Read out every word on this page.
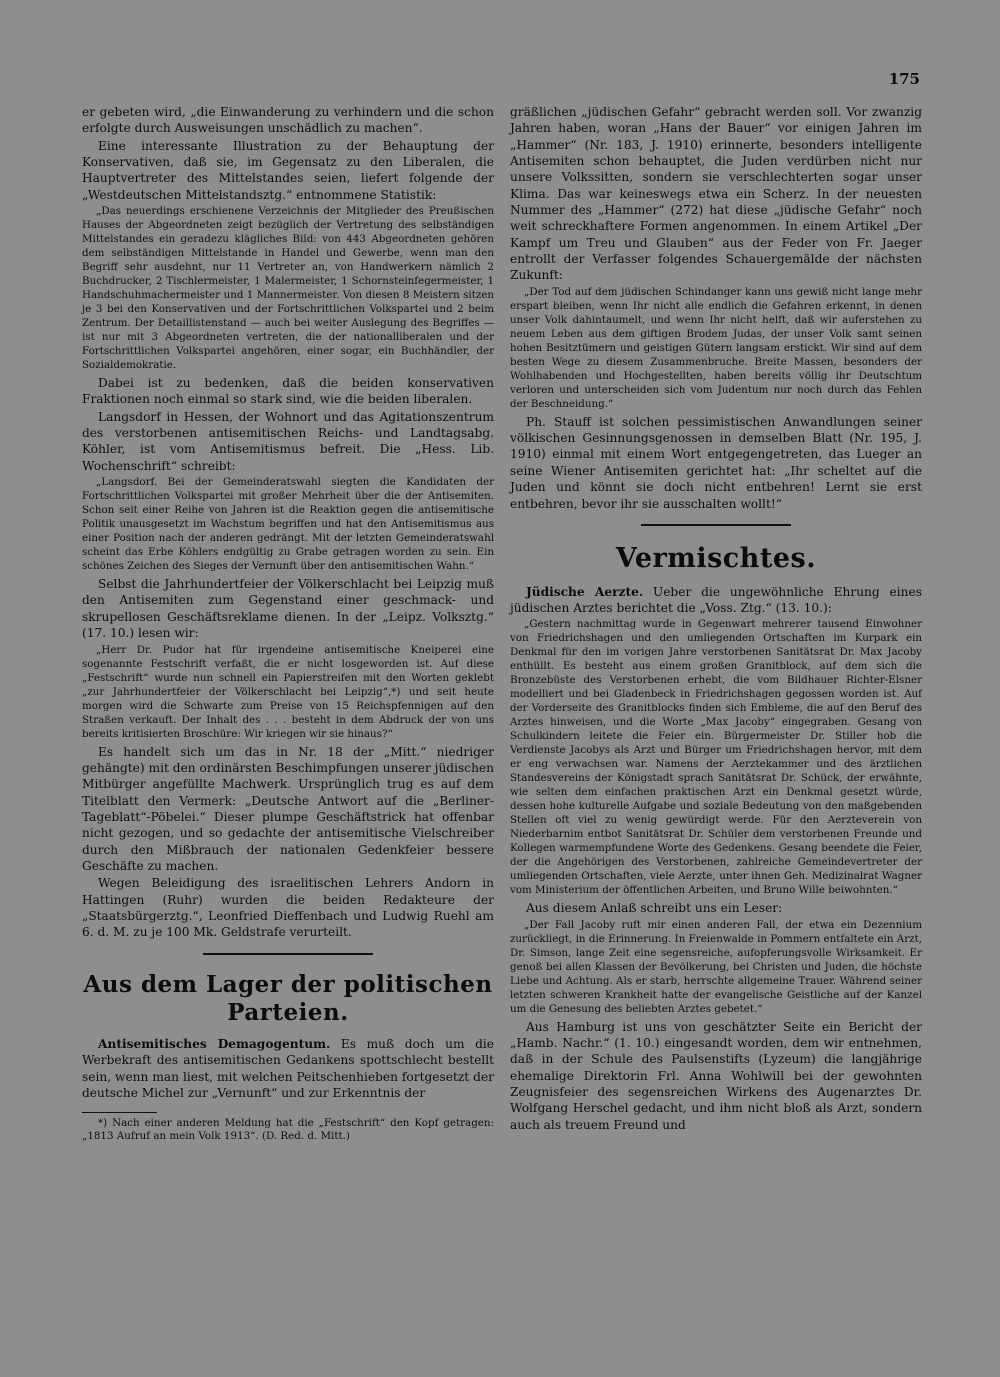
175

er gebeten wird, „die Einwanderung zu verhindern und die schon erfolgte durch Ausweisungen unschädlich zu machen“.

Eine interessante Illustration zu der Behauptung der Konservativen, daß sie, im Gegensatz zu den Liberalen, die Hauptvertreter des Mittelstandes seien, liefert folgende der „Westdeutschen Mittelstandsztg.“ entnommene Statistik:

„Das neuerdings erschienene Verzeichnis der Mitglieder des Preußischen Hauses der Abgeordneten zeigt bezüglich der Vertretung des selbständigen Mittelstandes ein geradezu klägliches Bild: von 443 Abgeordneten gehören dem selbständigen Mittelstande in Handel und Gewerbe, wenn man den Begriff sehr ausdehnt, nur 11 Vertreter an, von Handwerkern nämlich 2 Buchdrucker, 2 Tischlermeister, 1 Malermeister, 1 Schornsteinfegermeister, 1 Handschuhmachermeister und 1 Mannermeister. Von diesen 8 Meistern sitzen je 3 bei den Konservativen und der Fortschrittlichen Volkspartei und 2 beim Zentrum. Der Detaillistenstand — auch bei weiter Auslegung des Begriffes — ist nur mit 3 Abgeordneten vertreten, die der nationalliberalen und der Fortschrittlichen Volkspartei angehören, einer sogar, ein Buchhändler, der Sozialdemokratie.

Dabei ist zu bedenken, daß die beiden konservativen Fraktionen noch einmal so stark sind, wie die beiden liberalen.

Langsdorf in Hessen, der Wohnort und das Agitationszentrum des verstorbenen antisemitischen Reichs- und Landtagsabg. Köhler, ist vom Antisemitismus befreit. Die „Hess. Lib. Wochenschrift“ schreibt:

„Langsdorf. Bei der Gemeinderatswahl siegten die Kandidaten der Fortschrittlichen Volkspartei mit großer Mehrheit über die der Antisemiten. Schon seit einer Reihe von Jahren ist die Reaktion gegen die antisemitische Politik unausgesetzt im Wachstum begriffen und hat den Antisemitismus aus einer Position nach der anderen gedrängt. Mit der letzten Gemeinderatswahl scheint das Erbe Köhlers endgültig zu Grabe getragen worden zu sein. Ein schönes Zeichen des Sieges der Vernunft über den antisemitischen Wahn.“

Selbst die Jahrhundertfeier der Völkerschlacht bei Leipzig muß den Antisemiten zum Gegenstand einer geschmack- und skrupellosen Geschäftsreklame dienen. In der „Leipz. Volksztg.“ (17. 10.) lesen wir:

„Herr Dr. Pudor hat für irgendeine antisemitische Kneiperei eine sogenannte Festschrift verfaßt, die er nicht losgeworden ist. Auf diese „Festschrift“ wurde nun schnell ein Papierstreifen mit den Worten geklebt „zur Jahrhundertfeier der Völkerschlacht bei Leipzig“,*) und seit heute morgen wird die Schwarte zum Preise von 15 Reichspfennigen auf den Straßen verkauft. Der Inhalt des . . . besteht in dem Abdruck der von uns bereits kritisierten Broschüre: Wir kriegen wir sie hinaus?“

Es handelt sich um das in Nr. 18 der „Mitt.“ niedriger gehängte) mit den ordinärsten Beschimpfungen unserer jüdischen Mitbürger angefüllte Machwerk. Ursprünglich trug es auf dem Titelblatt den Vermerk: „Deutsche Antwort auf die „Berliner-Tageblatt“-Pöbelei.“ Dieser plumpe Geschäftstrick hat offenbar nicht gezogen, und so gedachte der antisemitische Vielschreiber durch den Mißbrauch der nationalen Gedenkfeier bessere Geschäfte zu machen.

Wegen Beleidigung des israelitischen Lehrers Andorn in Hattingen (Ruhr) wurden die beiden Redakteure der „Staatsbürgerztg.“, Leonfried Dieffenbach und Ludwig Ruehl am 6. d. M. zu je 100 Mk. Geldstrafe verurteilt.

Aus dem Lager der politischen Parteien.

Antisemitisches Demagogentum. Es muß doch um die Werbekraft des antisemitischen Gedankens spottschlecht bestellt sein, wenn man liest, mit welchen Peitschenhieben fortgesetzt der deutsche Michel zur „Vernunft“ und zur Erkenntnis der

*) Nach einer anderen Meldung hat die „Festschrift“ den Kopf getragen: „1813 Aufruf an mein Volk 1913“. (D. Red. d. Mitt.)

gräßlichen „jüdischen Gefahr“ gebracht werden soll. Vor zwanzig Jahren haben, woran „Hans der Bauer“ vor einigen Jahren im „Hammer“ (Nr. 183, J. 1910) erinnerte, besonders intelligente Antisemiten schon behauptet, die Juden verdürben nicht nur unsere Volkssitten, sondern sie verschlechterten sogar unser Klima. Das war keineswegs etwa ein Scherz. In der neuesten Nummer des „Hammer“ (272) hat diese „jüdische Gefahr“ noch weit schreckhaftere Formen angenommen. In einem Artikel „Der Kampf um Treu und Glauben“ aus der Feder von Fr. Jaeger entrollt der Verfasser folgendes Schauergemälde der nächsten Zukunft:

„Der Tod auf dem jüdischen Schindanger kann uns gewiß nicht lange mehr erspart bleiben, wenn Ihr nicht alle endlich die Gefahren erkennt, in denen unser Volk dahintaumelt, und wenn Ihr nicht helft, daß wir auferstehen zu neuem Leben aus dem giftigen Brodem Judas, der unser Volk samt seinen hohen Besitztümern und geistigen Gütern langsam erstickt. Wir sind auf dem besten Wege zu diesem Zusammenbruche. Breite Massen, besonders der Wohlhabenden und Hochgestellten, haben bereits völlig ihr Deutschtum verloren und unterscheiden sich vom Judentum nur noch durch das Fehlen der Beschneidung.“

Ph. Stauff ist solchen pessimistischen Anwandlungen seiner völkischen Gesinnungsgenossen in demselben Blatt (Nr. 195, J. 1910) einmal mit einem Wort entgegengetreten, das Lueger an seine Wiener Antisemiten gerichtet hat: „Ihr scheltet auf die Juden und könnt sie doch nicht entbehren! Lernt sie erst entbehren, bevor ihr sie ausschalten wollt!“

Vermischtes.

Jüdische Aerzte. Ueber die ungewöhnliche Ehrung eines jüdischen Arztes berichtet die „Voss. Ztg.“ (13. 10.):

„Gestern nachmittag wurde in Gegenwart mehrerer tausend Einwohner von Friedrichshagen und den umliegenden Ortschaften im Kurpark ein Denkmal für den im vorigen Jahre verstorbenen Sanitätsrat Dr. Max Jacoby enthüllt. Es besteht aus einem großen Granitblock, auf dem sich die Bronzebüste des Verstorbenen erhebt, die vom Bildhauer Richter-Elsner modelliert und bei Gladenbeck in Friedrichshagen gegossen worden ist. Auf der Vorderseite des Granitblocks finden sich Embleme, die auf den Beruf des Arztes hinweisen, und die Worte „Max Jacoby“ eingegraben. Gesang von Schulkindern leitete die Feier ein. Bürgermeister Dr. Stiller hob die Verdienste Jacobys als Arzt und Bürger um Friedrichshagen hervor, mit dem er eng verwachsen war. Namens der Aerztekammer und des ärztlichen Standesvereins der Königstadt sprach Sanitätsrat Dr. Schück, der erwähnte, wie selten dem einfachen praktischen Arzt ein Denkmal gesetzt würde, dessen hohe kulturelle Aufgabe und soziale Bedeutung von den maßgebenden Stellen oft viel zu wenig gewürdigt werde. Für den Aerzteverein von Niederbarnim entbot Sanitätsrat Dr. Schüler dem verstorbenen Freunde und Kollegen warmempfundene Worte des Gedenkens. Gesang beendete die Feier, der die Angehörigen des Verstorbenen, zahlreiche Gemeindevertreter der umliegenden Ortschaften, viele Aerzte, unter ihnen Geh. Medizinalrat Wagner vom Ministerium der öffentlichen Arbeiten, und Bruno Wille beiwohnten.“

Aus diesem Anlaß schreibt uns ein Leser:

„Der Fall Jacoby ruft mir einen anderen Fall, der etwa ein Dezennium zurückliegt, in die Erinnerung. In Freienwalde in Pommern entfaltete ein Arzt, Dr. Simson, lange Zeit eine segensreiche, aufopferungsvolle Wirksamkeit. Er genoß bei allen Klassen der Bevölkerung, bei Christen und Juden, die höchste Liebe und Achtung. Als er starb, herrschte allgemeine Trauer. Während seiner letzten schweren Krankheit hatte der evangelische Geistliche auf der Kanzel um die Genesung des beliebten Arztes gebetet.“

Aus Hamburg ist uns von geschätzter Seite ein Bericht der „Hamb. Nachr.“ (1. 10.) eingesandt worden, dem wir entnehmen, daß in der Schule des Paulsenstifts (Lyzeum) die langjährige ehemalige Direktorin Frl. Anna Wohlwill bei der gewohnten Zeugnisfeier des segensreichen Wirkens des Augenarztes Dr. Wolfgang Herschel gedacht, und ihm nicht bloß als Arzt, sondern auch als treuem Freund und
